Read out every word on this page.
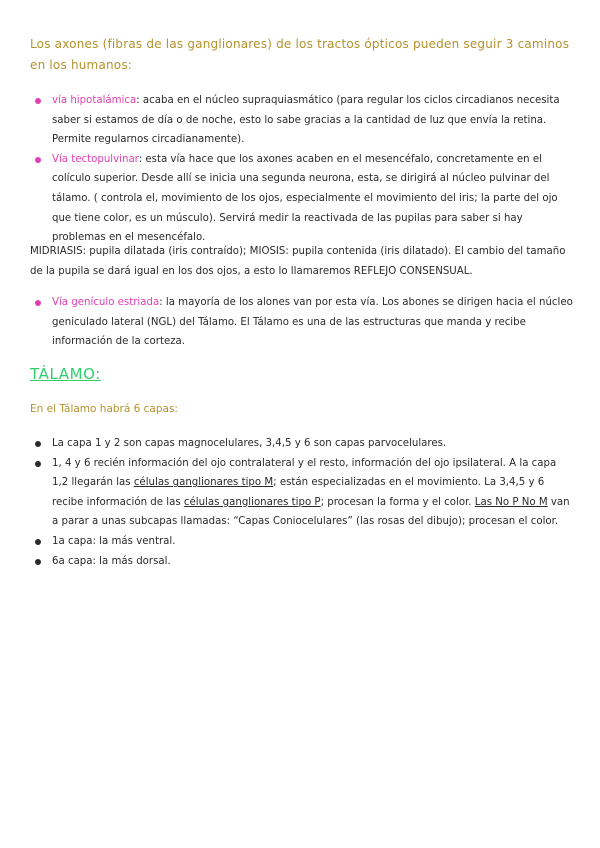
Los axones (fibras de las ganglionares) de los tractos ópticos pueden seguir 3 caminos en los humanos:
vía hipotalámica: acaba en el núcleo supraquiasmático (para regular los ciclos circadianos necesita saber si estamos de día o de noche, esto lo sabe gracias a la cantidad de luz que envía la retina. Permite regularnos circadianamente).
Vía tectopulvinar: esta vía hace que los axones acaben en el mesencéfalo, concretamente en el colículo superior. Desde allí se inicia una segunda neurona, esta, se dirigirá al núcleo pulvinar del tálamo. ( controla el, movimiento de los ojos, especialmente el movimiento del iris; la parte del ojo que tiene color, es un músculo). Servirá medir la reactivada de las pupilas para saber si hay problemas en el mesencéfalo.
MIDRIASIS: pupila dilatada (iris contraído); MIOSIS: pupila contenida (iris dilatado). El cambio del tamaño de la pupila se dará igual en los dos ojos, a esto lo llamaremos REFLEJO CONSENSUAL.
Vía genículo estriada: la mayoría de los alones van por esta vía. Los abones se dirigen hacia el núcleo geniculado lateral (NGL) del Tálamo. El Tálamo es una de las estructuras que manda y recibe información de la corteza.
TÁLAMO:
En el Tálamo habrá 6 capas:
La capa 1 y 2 son capas magnocelulares, 3,4,5 y 6 son capas parvocelulares.
1, 4 y 6 recién información del ojo contralateral y el resto, información del ojo ipsilateral. A la capa 1,2 llegarán las células ganglionares tipo M; están especializadas en el movimiento. La 3,4,5 y 6 recibe información de las células ganglionares tipo P; procesan la forma y el color. Las No P No M van a parar a unas subcapas llamadas: “Capas Coniocelulares” (las rosas del dibujo); procesan el color.
1a capa: la más ventral.
6a capa: la más dorsal.
